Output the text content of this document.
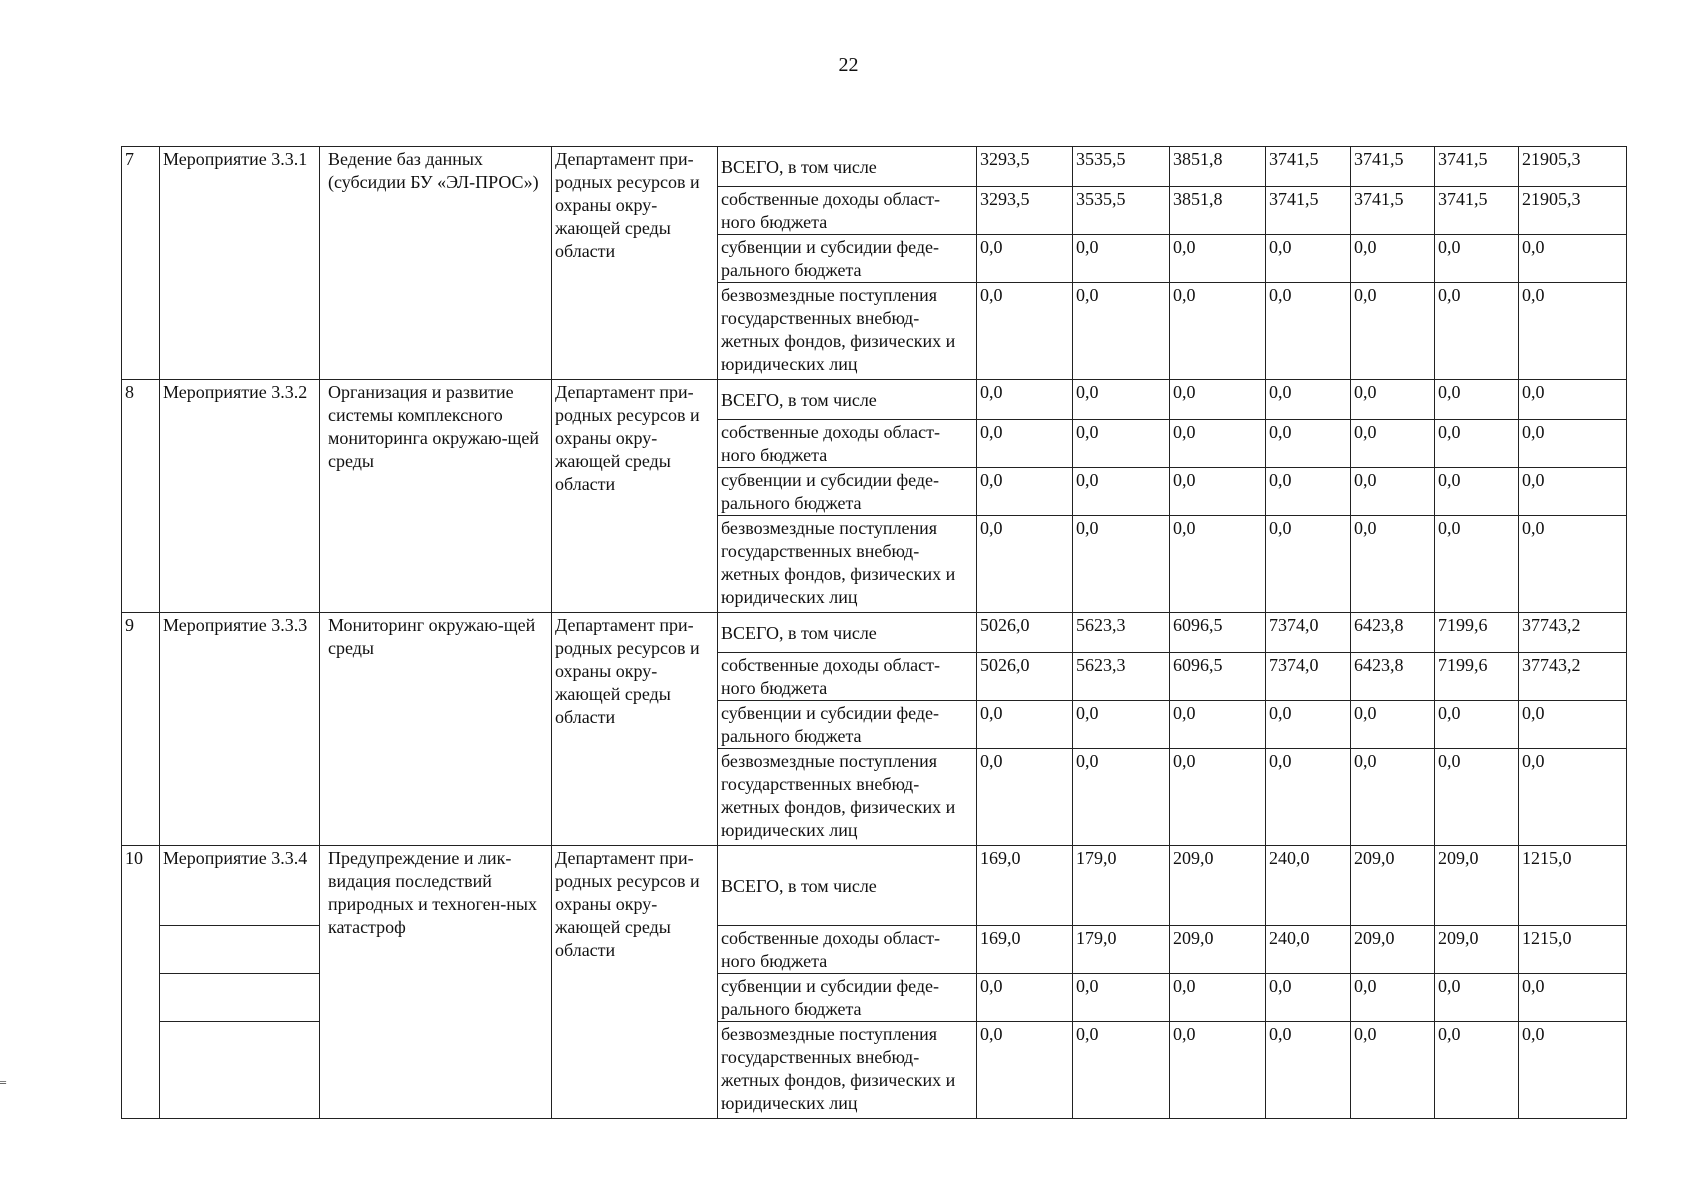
22
7	Мероприятие 3.3.1	Ведение баз данных (субсидии БУ «ЭЛ-ПРОС»)	Департамент при-родных ресурсов и охраны окру-жающей среды области	ВСЕГО, в том числе	3293,5	3535,5	3851,8	3741,5	3741,5	3741,5	21905,3
				собственные доходы област-ного бюджета	3293,5	3535,5	3851,8	3741,5	3741,5	3741,5	21905,3
				субвенции и субсидии феде-рального бюджета	0,0	0,0	0,0	0,0	0,0	0,0	0,0
				безвозмездные поступления государственных внебюд-жетных фондов, физических и юридических лиц	0,0	0,0	0,0	0,0	0,0	0,0	0,0
8	Мероприятие 3.3.2	Организация и развитие системы комплексного мониторинга окружаю-щей среды	Департамент при-родных ресурсов и охраны окру-жающей среды области	ВСЕГО, в том числе	0,0	0,0	0,0	0,0	0,0	0,0	0,0
				собственные доходы област-ного бюджета	0,0	0,0	0,0	0,0	0,0	0,0	0,0
				субвенции и субсидии феде-рального бюджета	0,0	0,0	0,0	0,0	0,0	0,0	0,0
				безвозмездные поступления государственных внебюд-жетных фондов, физических и юридических лиц	0,0	0,0	0,0	0,0	0,0	0,0	0,0
9	Мероприятие 3.3.3	Мониторинг окружаю-щей среды	Департамент при-родных ресурсов и охраны окру-жающей среды области	ВСЕГО, в том числе	5026,0	5623,3	6096,5	7374,0	6423,8	7199,6	37743,2
				собственные доходы област-ного бюджета	5026,0	5623,3	6096,5	7374,0	6423,8	7199,6	37743,2
				субвенции и субсидии феде-рального бюджета	0,0	0,0	0,0	0,0	0,0	0,0	0,0
				безвозмездные поступления государственных внебюд-жетных фондов, физических и юридических лиц	0,0	0,0	0,0	0,0	0,0	0,0	0,0
10	Мероприятие 3.3.4	Предупреждение и лик-видация последствий природных и техноген-ных катастроф	Департамент при-родных ресурсов и охраны окру-жающей среды области	ВСЕГО, в том числе	169,0	179,0	209,0	240,0	209,0	209,0	1215,0
				собственные доходы област-ного бюджета	169,0	179,0	209,0	240,0	209,0	209,0	1215,0
				субвенции и субсидии феде-рального бюджета	0,0	0,0	0,0	0,0	0,0	0,0	0,0
				безвозмездные поступления государственных внебюд-жетных фондов, физических и юридических лиц	0,0	0,0	0,0	0,0	0,0	0,0	0,0
═
